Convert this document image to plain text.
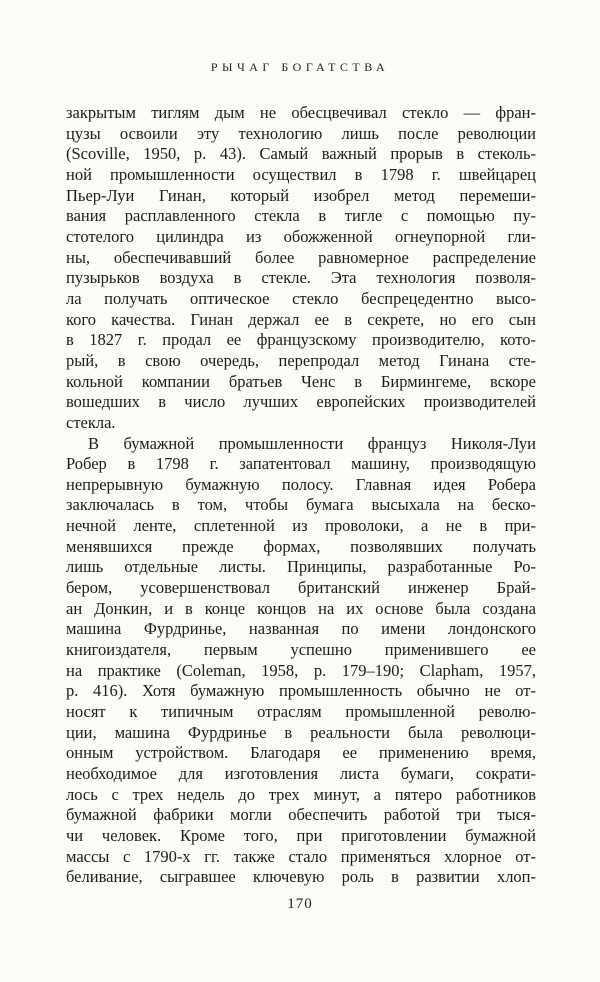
РЫЧАГ БОГАТСТВА
закрытым тиглям дым не обесцвечивал стекло — фран-
цузы освоили эту технологию лишь после революции
(Scoville, 1950, p. 43). Самый важный прорыв в стеколь-
ной промышленности осуществил в 1798 г. швейцарец
Пьер-Луи Гинан, который изобрел метод перемеши-
вания расплавленного стекла в тигле с помощью пу-
стотелого цилиндра из обожженной огнеупорной гли-
ны, обеспечивавший более равномерное распределение
пузырьков воздуха в стекле. Эта технология позволя-
ла получать оптическое стекло беспрецедентно высо-
кого качества. Гинан держал ее в секрете, но его сын
в 1827 г. продал ее французскому производителю, кото-
рый, в свою очередь, перепродал метод Гинана сте-
кольной компании братьев Ченс в Бирмингеме, вскоре
вошедших в число лучших европейских производителей
стекла.
В бумажной промышленности француз Николя-Луи
Робер в 1798 г. запатентовал машину, производящую
непрерывную бумажную полосу. Главная идея Робера
заключалась в том, чтобы бумага высыхала на беско-
нечной ленте, сплетенной из проволоки, а не в при-
менявшихся прежде формах, позволявших получать
лишь отдельные листы. Принципы, разработанные Ро-
бером, усовершенствовал британский инженер Брай-
ан Донкин, и в конце концов на их основе была создана
машина Фурдринье, названная по имени лондонского
книгоиздателя, первым успешно применившего ее
на практике (Coleman, 1958, p. 179–190; Clapham, 1957,
p. 416). Хотя бумажную промышленность обычно не от-
носят к типичным отраслям промышленной револю-
ции, машина Фурдринье в реальности была революци-
онным устройством. Благодаря ее применению время,
необходимое для изготовления листа бумаги, сократи-
лось с трех недель до трех минут, а пятеро работников
бумажной фабрики могли обеспечить работой три тыся-
чи человек. Кроме того, при приготовлении бумажной
массы с 1790-х гг. также стало применяться хлорное от-
беливание, сыгравшее ключевую роль в развитии хлоп-
170
